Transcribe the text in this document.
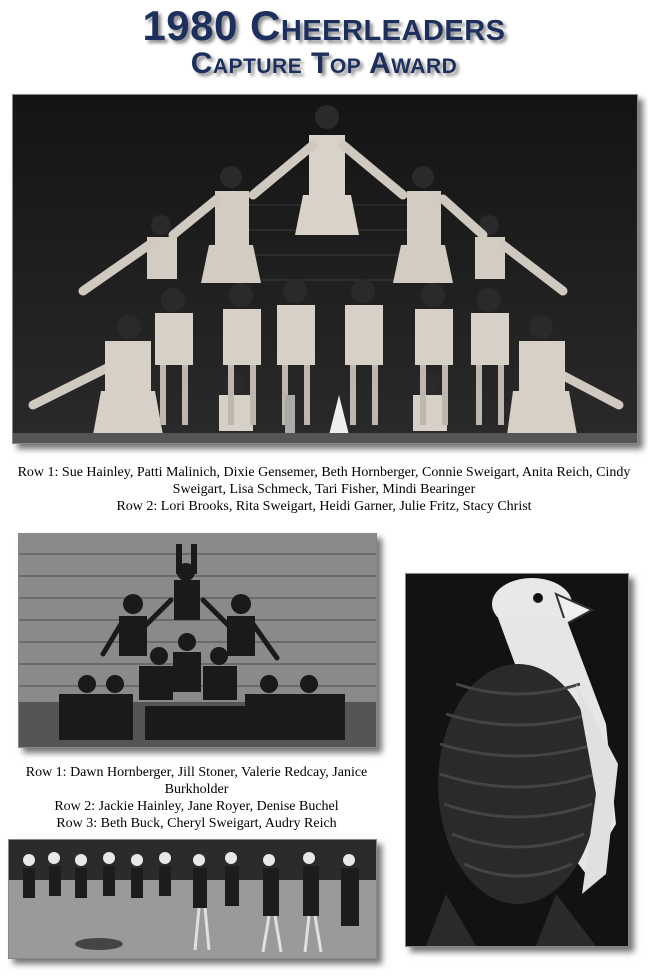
1980 Cheerleaders
Capture Top Award
Row 1: Sue Hainley, Patti Malinich, Dixie Gensemer, Beth Hornberger, Connie Sweigart, Anita Reich, Cindy Sweigart, Lisa Schmeck, Tari Fisher, Mindi Bearinger
Row 2: Lori Brooks, Rita Sweigart, Heidi Garner, Julie Fritz, Stacy Christ
Row 1: Dawn Hornberger, Jill Stoner, Valerie Redcay, Janice Burkholder
Row 2: Jackie Hainley, Jane Royer, Denise Buchel
Row 3: Beth Buck, Cheryl Sweigart, Audry Reich
